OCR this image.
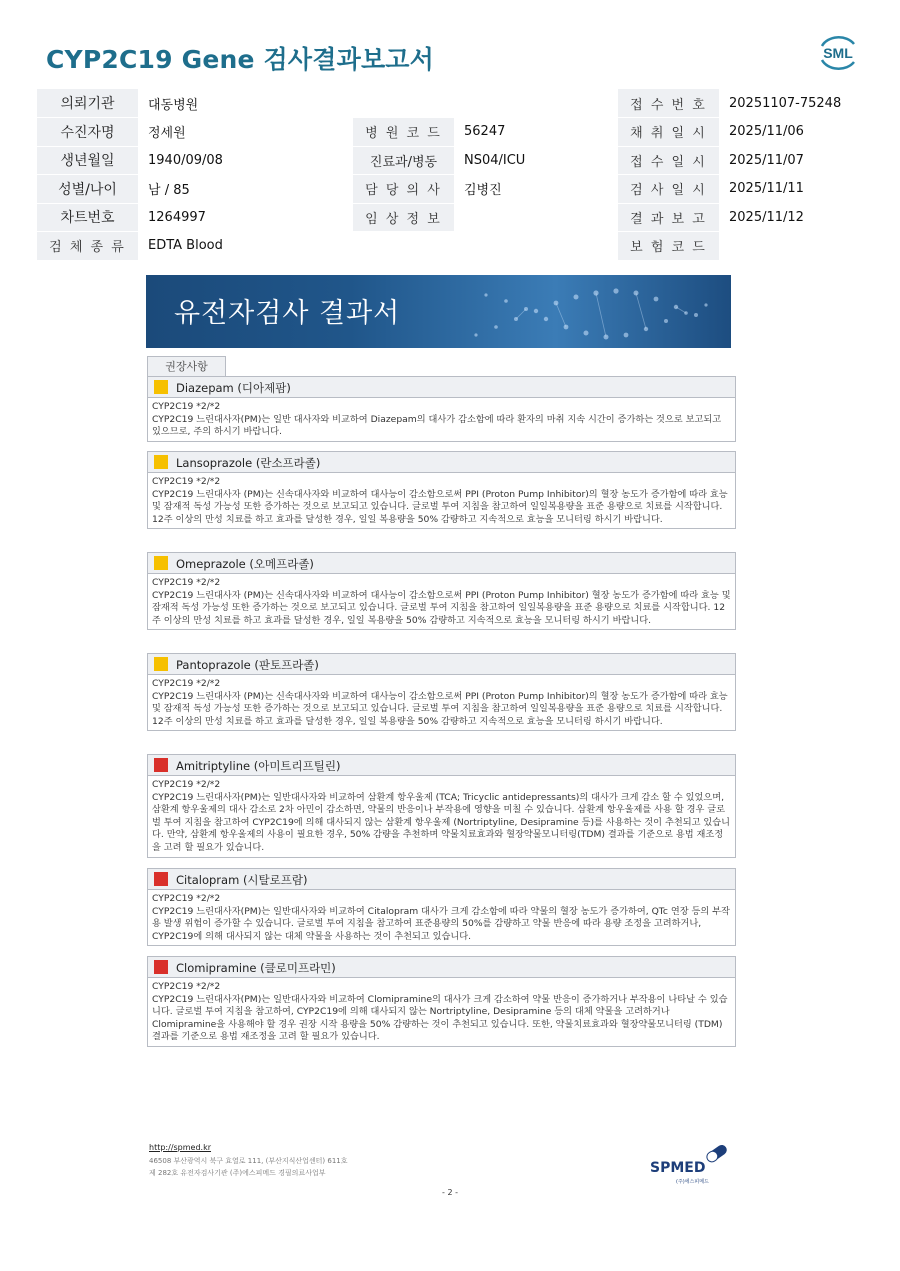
CYP2C19 Gene 검사결과보고서	SML
의뢰기관	대동병원			접 수 번 호	20251107-75248
수진자명	정세원	병 원 코 드	56247	채 취 일 시	2025/11/06
생년월일	1940/09/08	진료과/병동	NS04/ICU	접 수 일 시	2025/11/07
성별/나이	남 / 85	담 당 의 사	김병진	검 사 일 시	2025/11/11
차트번호	1264997	임 상 정 보		결 과 보 고	2025/11/12
검 체 종 류	EDTA Blood			보 험 코 드	
유전자검사 결과서
권장사항
Diazepam (디아제팜)
CYP2C19 *2/*2
CYP2C19 느린대사자(PM)는 일반 대사자와 비교하여 Diazepam의 대사가 감소함에 따라 환자의 마취 지속 시간이 증가하는 것으로 보고되고 있으므로, 주의 하시기 바랍니다.
Lansoprazole (란소프라졸)
CYP2C19 *2/*2
CYP2C19 느린대사자 (PM)는 신속대사자와 비교하여 대사능이 감소함으로써 PPI (Proton Pump Inhibitor)의 혈장 농도가 증가함에 따라 효능 및 잠재적 독성 가능성 또한 증가하는 것으로 보고되고 있습니다. 글로벌 투여 지침을 참고하여 일일복용량을 표준 용량으로 치료를 시작합니다. 12주 이상의 만성 치료를 하고 효과를 달성한 경우, 일일 복용량을 50% 감량하고 지속적으로 효능을 모니터링 하시기 바랍니다.
Omeprazole (오메프라졸)
CYP2C19 *2/*2
CYP2C19 느린대사자 (PM)는 신속대사자와 비교하여 대사능이 감소함으로써 PPI (Proton Pump Inhibitor) 혈장 농도가 증가함에 따라 효능 및 잠재적 독성 가능성 또한 증가하는 것으로 보고되고 있습니다. 글로벌 투여 지침을 참고하여 일일복용량을 표준 용량으로 치료를 시작합니다. 12주 이상의 만성 치료를 하고 효과를 달성한 경우, 일일 복용량을 50% 감량하고 지속적으로 효능을 모니터링 하시기 바랍니다.
Pantoprazole (판토프라졸)
CYP2C19 *2/*2
CYP2C19 느린대사자 (PM)는 신속대사자와 비교하여 대사능이 감소함으로써 PPI (Proton Pump Inhibitor)의 혈장 농도가 증가함에 따라 효능 및 잠재적 독성 가능성 또한 증가하는 것으로 보고되고 있습니다. 글로벌 투여 지침을 참고하여 일일복용량을 표준 용량으로 치료를 시작합니다. 12주 이상의 만성 치료를 하고 효과를 달성한 경우, 일일 복용량을 50% 감량하고 지속적으로 효능을 모니터링 하시기 바랍니다.
Amitriptyline (아미트리프틸린)
CYP2C19 *2/*2
CYP2C19 느린대사자(PM)는 일반대사자와 비교하여 삼환계 항우울제 (TCA; Tricyclic antidepressants)의 대사가 크게 감소 할 수 있었으며, 삼환계 항우울제의 대사 감소로 2차 아민이 감소하면, 약물의 반응이나 부작용에 영향을 미칠 수 있습니다. 삼환계 항우울제를 사용 할 경우 글로벌 투여 지침을 참고하여 CYP2C19에 의해 대사되지 않는 삼환계 항우울제 (Nortriptyline, Desipramine 등)를 사용하는 것이 추천되고 있습니다. 만약, 삼환계 항우울제의 사용이 필요한 경우, 50% 감량을 추천하며 약물치료효과와 혈장약물모니터링(TDM) 결과를 기준으로 용법 재조정을 고려 할 필요가 있습니다.
Citalopram (시탈로프람)
CYP2C19 *2/*2
CYP2C19 느린대사자(PM)는 일반대사자와 비교하여 Citalopram 대사가 크게 감소함에 따라 약물의 혈장 농도가 증가하여, QTc 연장 등의 부작용 발생 위험이 증가할 수 있습니다. 글로벌 투여 지침을 참고하여 표준용량의 50%를 감량하고 약물 반응에 따라 용량 조정을 고려하거나, CYP2C19에 의해 대사되지 않는 대체 약물을 사용하는 것이 추천되고 있습니다.
Clomipramine (클로미프라민)
CYP2C19 *2/*2
CYP2C19 느린대사자(PM)는 일반대사자와 비교하여 Clomipramine의 대사가 크게 감소하여 약물 반응이 증가하거나 부작용이 나타날 수 있습니다. 글로벌 투여 지침을 참고하여, CYP2C19에 의해 대사되지 않는 Nortriptyline, Desipramine 등의 대체 약물을 고려하거나 Clomipramine을 사용해야 할 경우 권장 시작 용량을 50% 감량하는 것이 추천되고 있습니다. 또한, 약물치료효과와 혈장약물모니터링 (TDM) 결과를 기준으로 용법 재조정을 고려 할 필요가 있습니다.
http://spmed.kr
46508 부산광역시 북구 효열로 111, (부산지식산업센터) 611호
제 282호 유전자검사기관 (주)에스피메드 경필의료사업부	SPMED
(주)에스피메드
- 2 -
